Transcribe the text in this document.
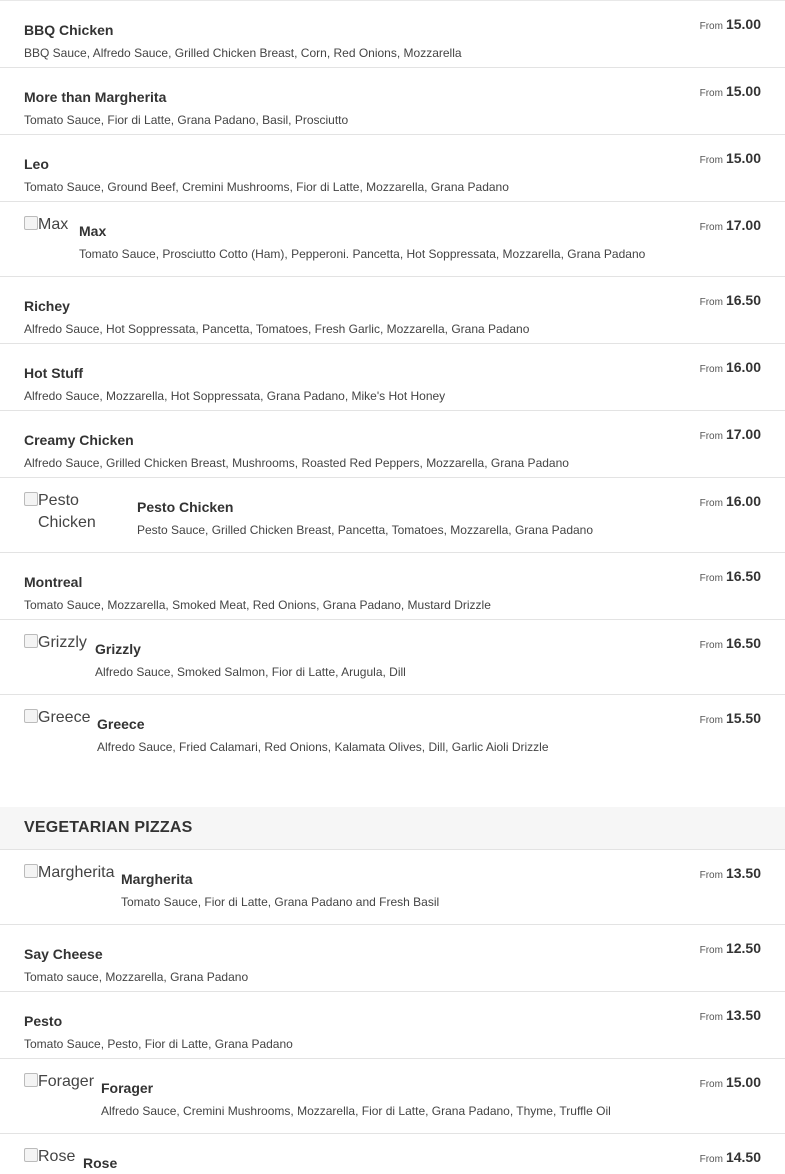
BBQ Chicken
BBQ Sauce, Alfredo Sauce, Grilled Chicken Breast, Corn, Red Onions, Mozzarella
From 15.00
More than Margherita
Tomato Sauce, Fior di Latte, Grana Padano, Basil, Prosciutto
From 15.00
Leo
Tomato Sauce, Ground Beef, Cremini Mushrooms, Fior di Latte, Mozzarella, Grana Padano
From 15.00
Max Max
Tomato Sauce, Prosciutto Cotto (Ham), Pepperoni. Pancetta, Hot Soppressata, Mozzarella, Grana Padano
From 17.00
Richey
Alfredo Sauce, Hot Soppressata, Pancetta, Tomatoes, Fresh Garlic, Mozzarella, Grana Padano
From 16.50
Hot Stuff
Alfredo Sauce, Mozzarella, Hot Soppressata, Grana Padano, Mike's Hot Honey
From 16.00
Creamy Chicken
Alfredo Sauce, Grilled Chicken Breast, Mushrooms, Roasted Red Peppers, Mozzarella, Grana Padano
From 17.00
Pesto Chicken
Pesto Chicken
Pesto Sauce, Grilled Chicken Breast, Pancetta, Tomatoes, Mozzarella, Grana Padano
From 16.00
Montreal
Tomato Sauce, Mozzarella, Smoked Meat, Red Onions, Grana Padano, Mustard Drizzle
From 16.50
Grizzly Grizzly
Alfredo Sauce, Smoked Salmon, Fior di Latte, Arugula, Dill
From 16.50
Greece Greece
Alfredo Sauce, Fried Calamari, Red Onions, Kalamata Olives, Dill, Garlic Aioli Drizzle
From 15.50
VEGETARIAN PIZZAS
Margherita Margherita
Tomato Sauce, Fior di Latte, Grana Padano and Fresh Basil
From 13.50
Say Cheese
Tomato sauce, Mozzarella, Grana Padano
From 12.50
Pesto
Tomato Sauce, Pesto, Fior di Latte, Grana Padano
From 13.50
Forager Forager
Alfredo Sauce, Cremini Mushrooms, Mozzarella, Fior di Latte, Grana Padano, Thyme, Truffle Oil
From 15.00
Rose Rose	From 14.50
